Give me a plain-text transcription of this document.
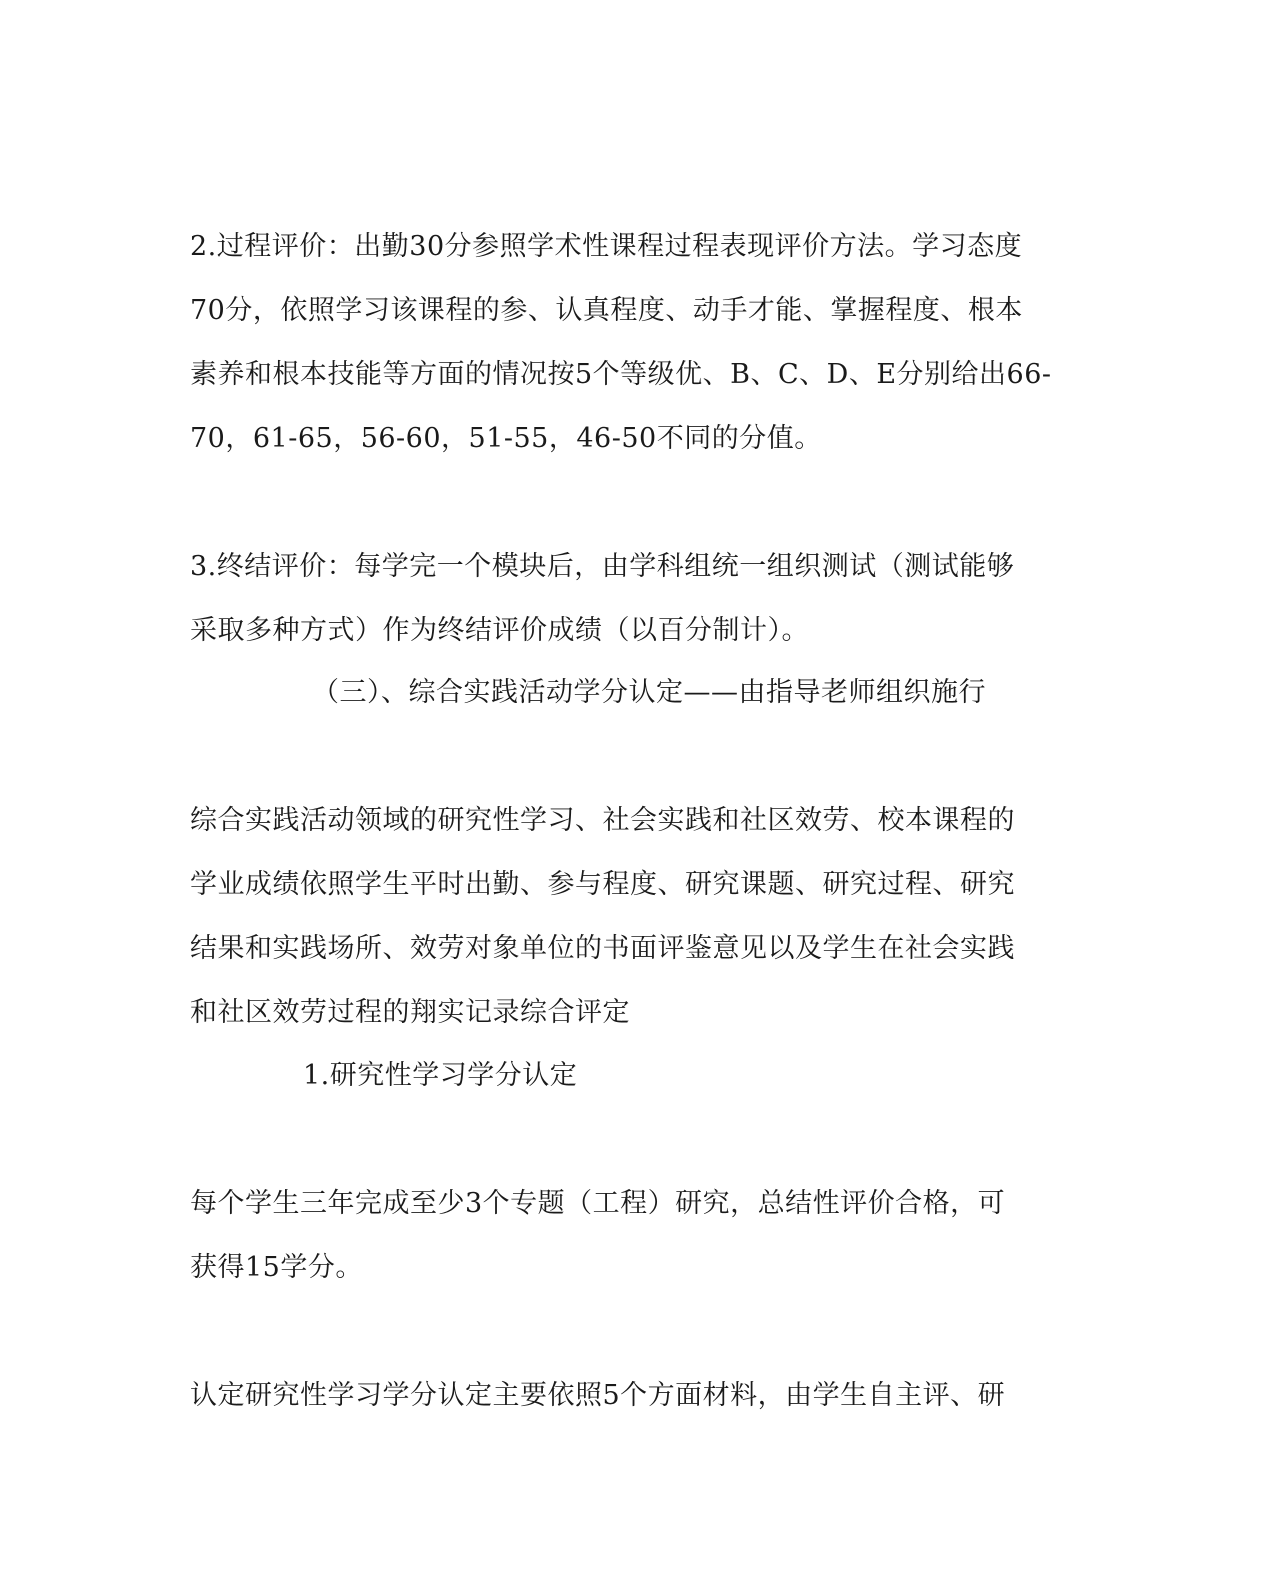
2.过程评价：出勤30分参照学术性课程过程表现评价方法。学习态度
70分，依照学习该课程的参、认真程度、动手才能、掌握程度、根本
素养和根本技能等方面的情况按5个等级优、B、C、D、E分别给出66-
70，61-65，56-60，51-55，46-50不同的分值。
3.终结评价：每学完一个模块后，由学科组统一组织测试（测试能够
采取多种方式）作为终结评价成绩（以百分制计）。
（三）、综合实践活动学分认定——由指导老师组织施行
综合实践活动领域的研究性学习、社会实践和社区效劳、校本课程的
学业成绩依照学生平时出勤、参与程度、研究课题、研究过程、研究
结果和实践场所、效劳对象单位的书面评鉴意见以及学生在社会实践
和社区效劳过程的翔实记录综合评定
1.研究性学习学分认定
每个学生三年完成至少3个专题（工程）研究，总结性评价合格，可
获得15学分。
认定研究性学习学分认定主要依照5个方面材料，由学生自主评、研
